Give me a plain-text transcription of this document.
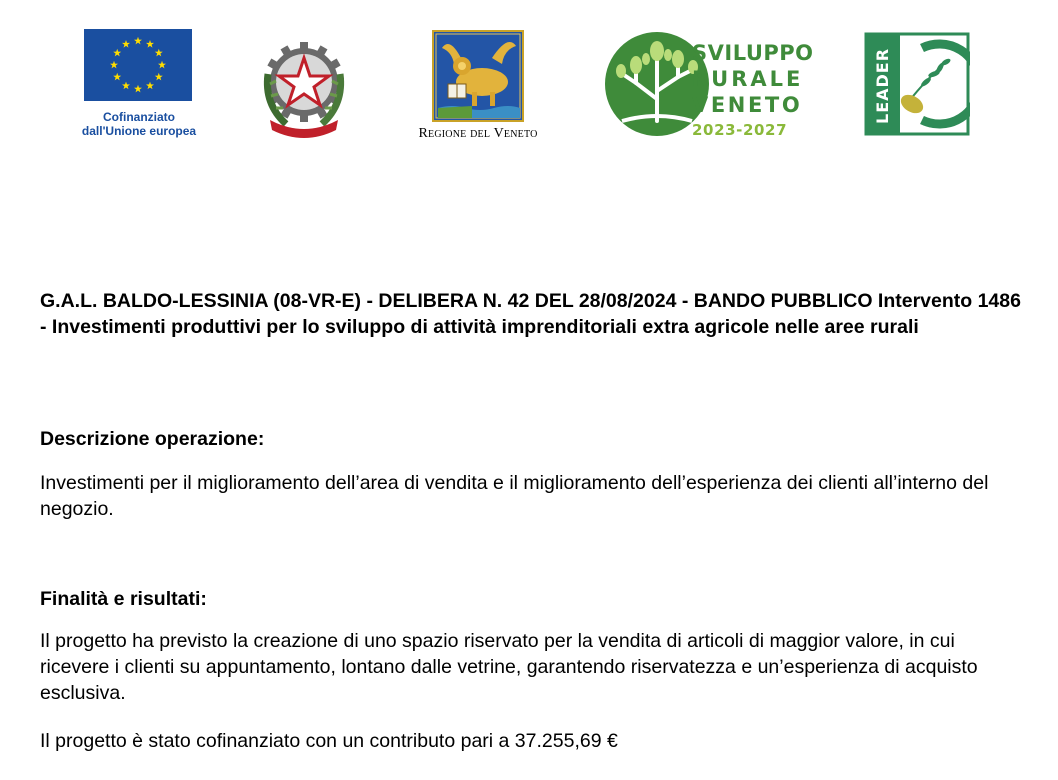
Cofinanziato dall'Unione europea	Regione del Veneto
SVILUPPO
RURALE
VENETO
2023-2027
LEADER

G.A.L. BALDO-LESSINIA (08-VR-E) - DELIBERA N. 42 DEL 28/08/2024 - BANDO PUBBLICO Intervento 1486 - Investimenti produttivi per lo sviluppo di attività imprenditoriali extra agricole nelle aree rurali

Descrizione operazione:

Investimenti per il miglioramento dell’area di vendita e il miglioramento dell’esperienza dei clienti all’interno del negozio.

Finalità e risultati:

Il progetto ha previsto la creazione di uno spazio riservato per la vendita di articoli di maggior valore, in cui ricevere i clienti su appuntamento, lontano dalle vetrine, garantendo riservatezza e un’esperienza di acquisto esclusiva.

Il progetto è stato cofinanziato con un contributo pari a 37.255,69 €
